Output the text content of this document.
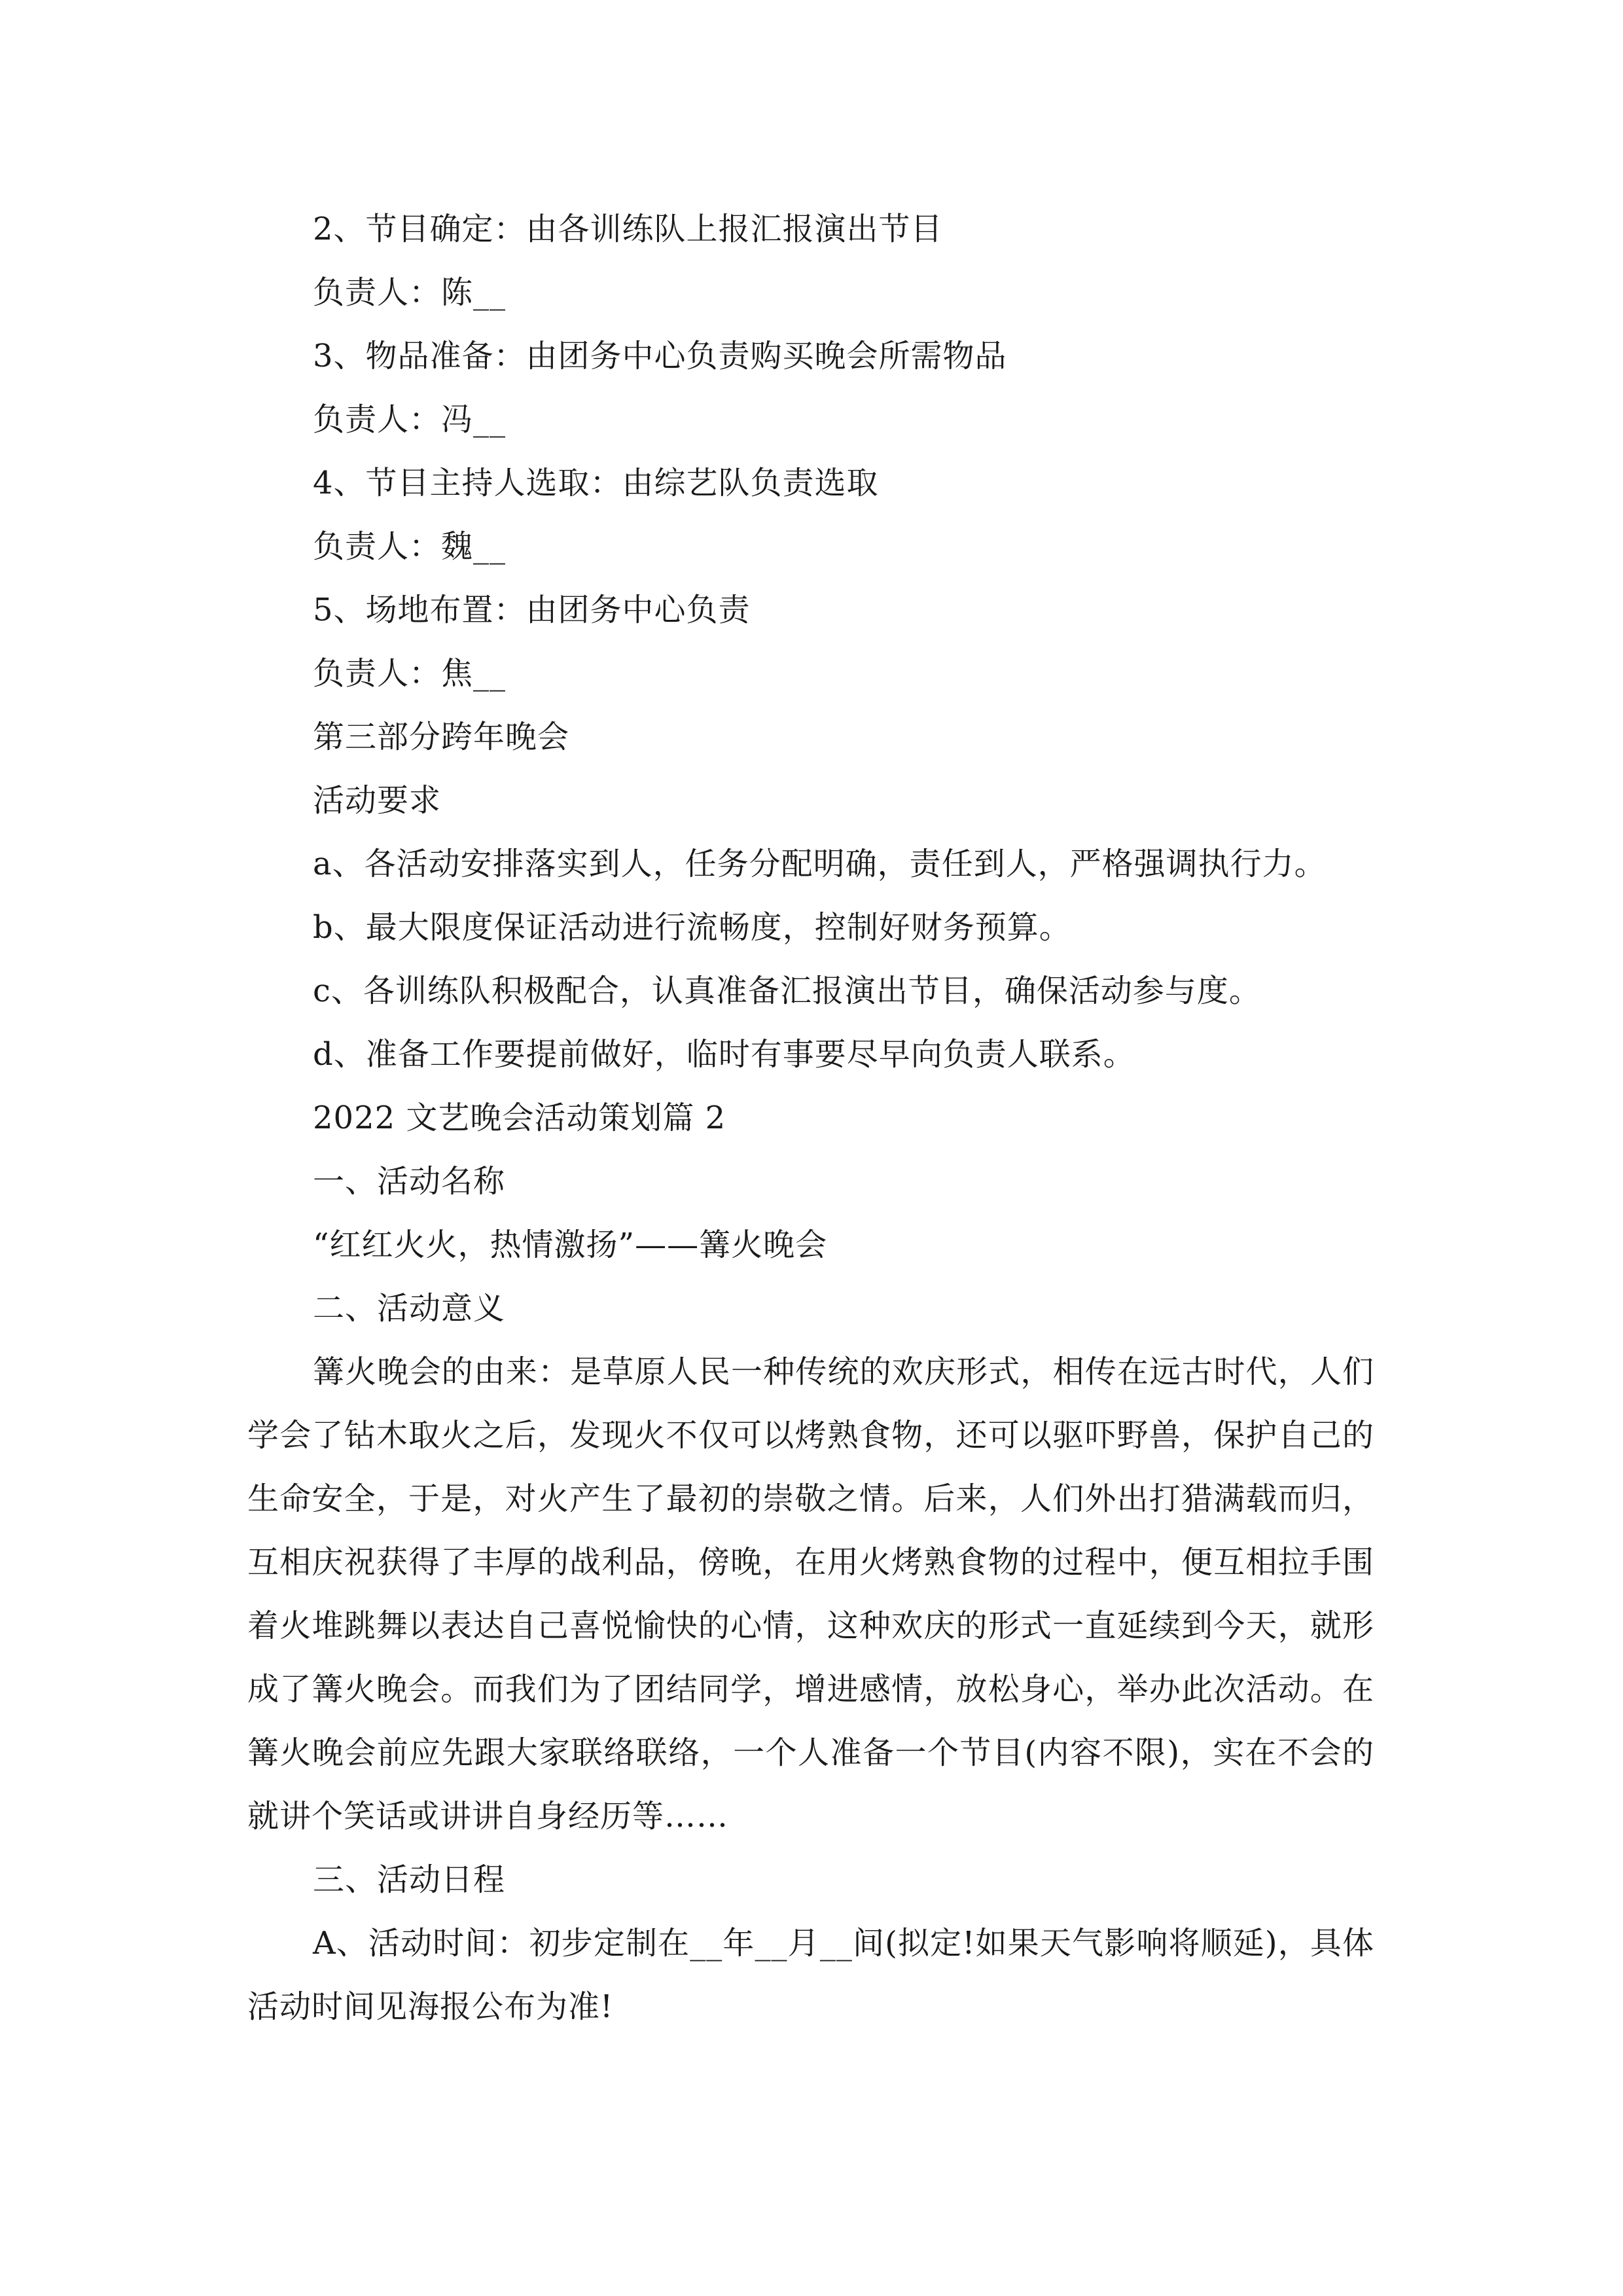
2、节目确定：由各训练队上报汇报演出节目
负责人：陈__
3、物品准备：由团务中心负责购买晚会所需物品
负责人：冯__
4、节目主持人选取：由综艺队负责选取
负责人：魏__
5、场地布置：由团务中心负责
负责人：焦__
第三部分跨年晚会
活动要求
a、各活动安排落实到人，任务分配明确，责任到人，严格强调执行力。
b、最大限度保证活动进行流畅度，控制好财务预算。
c、各训练队积极配合，认真准备汇报演出节目，确保活动参与度。
d、准备工作要提前做好，临时有事要尽早向负责人联系。
2022 文艺晚会活动策划篇 2
一、活动名称
“红红火火，热情激扬”——篝火晚会
二、活动意义
篝火晚会的由来：是草原人民一种传统的欢庆形式，相传在远古时代，人们
学会了钻木取火之后，发现火不仅可以烤熟食物，还可以驱吓野兽，保护自己的
生命安全，于是，对火产生了最初的崇敬之情。后来，人们外出打猎满载而归，
互相庆祝获得了丰厚的战利品，傍晚，在用火烤熟食物的过程中，便互相拉手围
着火堆跳舞以表达自己喜悦愉快的心情，这种欢庆的形式一直延续到今天，就形
成了篝火晚会。而我们为了团结同学，增进感情，放松身心，举办此次活动。在
篝火晚会前应先跟大家联络联络，一个人准备一个节目(内容不限)，实在不会的
就讲个笑话或讲讲自身经历等……
三、活动日程
A、活动时间：初步定制在__年__月__间(拟定!如果天气影响将顺延)，具体
活动时间见海报公布为准!
